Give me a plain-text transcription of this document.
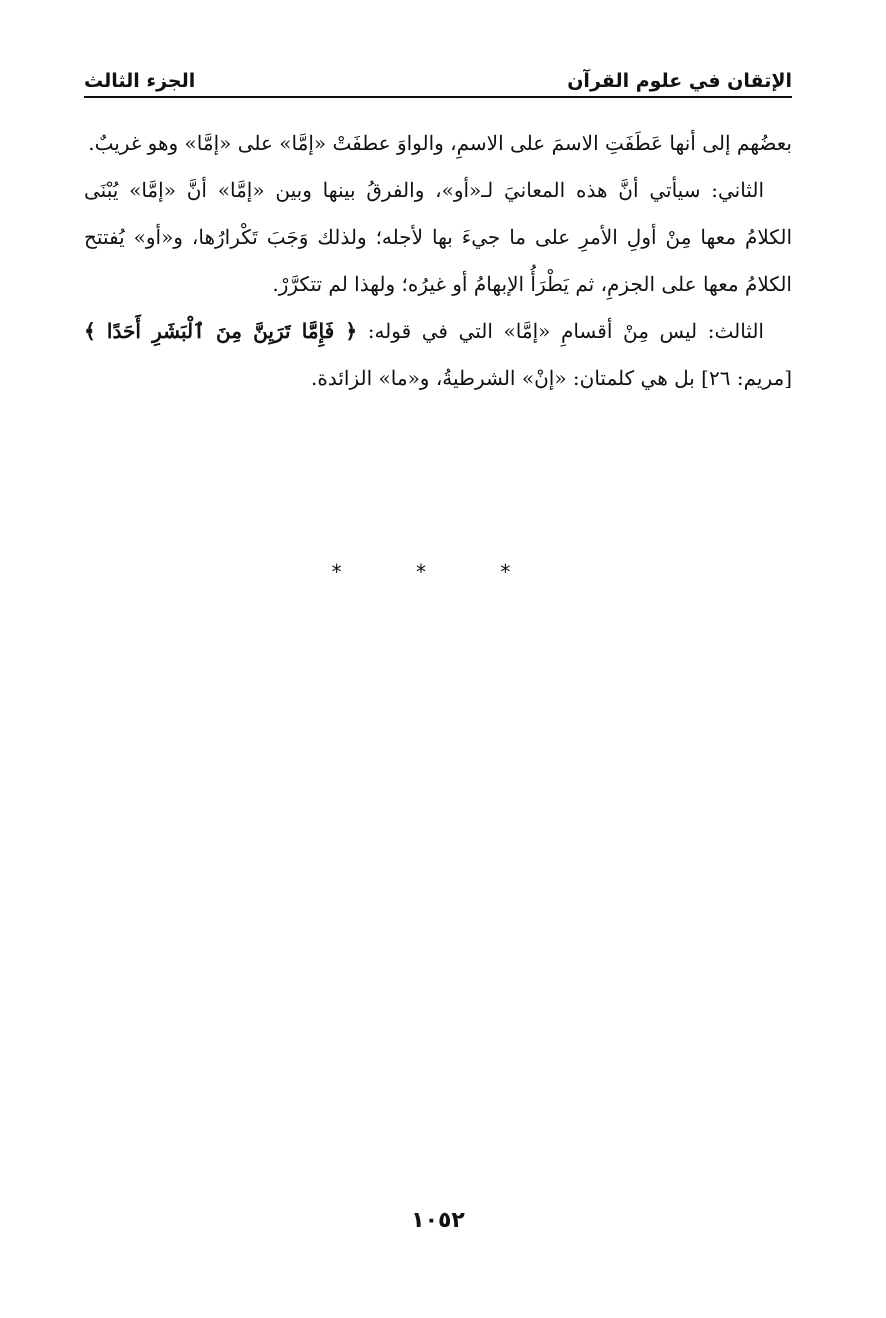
الإتقان في علوم القرآن
الجزء الثالث

بعضُهم إلى أنها عَطَفَتِ الاسمَ على الاسمِ، والواوَ عطفَتْ «إمَّا» على «إمَّا» وهو غريبٌ.

الثاني: سيأتي أنَّ هذه المعانيَ لـ«أو»، والفرقُ بينها وبين «إمَّا» أنَّ «إمَّا» يُبْنَى الكلامُ معها مِنْ أولِ الأمرِ على ما جيءَ بها لأجله؛ ولذلك وَجَبَ تَكْرارُها، و«أو» يُفتتح الكلامُ معها على الجزمِ، ثم يَطْرَأُ الإبهامُ أو غيرُه؛ ولهذا لم تتكرَّرْ.

الثالث: ليس مِنْ أقسامِ «إمَّا» التي في قوله: ﴿ فَإِمَّا تَرَيِنَّ مِنَ ٱلْبَشَرِ أَحَدًا ﴾ [مريم: ٢٦] بل هي كلمتان: «إنْ» الشرطيةُ، و«ما» الزائدة.

* * *
١٠٥٢
